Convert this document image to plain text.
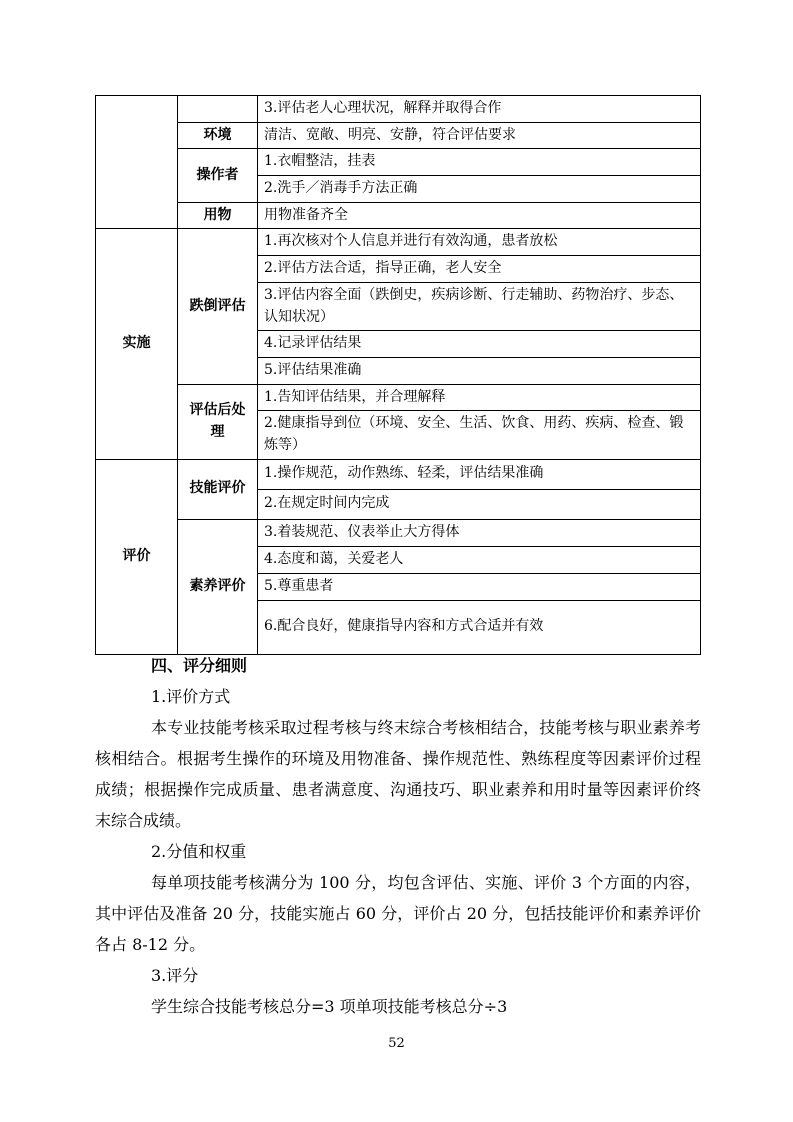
		3.评估老人心理状况，解释并取得合作
	环境	清洁、宽敞、明亮、安静，符合评估要求
	操作者	1.衣帽整洁，挂表
		2.洗手／消毒手方法正确
	用物	用物准备齐全
实施	跌倒评估	1.再次核对个人信息并进行有效沟通，患者放松
		2.评估方法合适，指导正确，老人安全
		3.评估内容全面（跌倒史，疾病诊断、行走辅助、药物治疗、步态、认知状况）
		4.记录评估结果
		5.评估结果准确
	评估后处理	1.告知评估结果，并合理解释
		2.健康指导到位（环境、安全、生活、饮食、用药、疾病、检查、锻炼等）
评价	技能评价	1.操作规范，动作熟练、轻柔，评估结果准确
		2.在规定时间内完成
	素养评价	3.着装规范、仪表举止大方得体
		4.态度和蔼，关爱老人
		5.尊重患者
		6.配合良好，健康指导内容和方式合适并有效

四、评分细则

1.评价方式

本专业技能考核采取过程考核与终末综合考核相结合，技能考核与职业素养考核相结合。根据考生操作的环境及用物准备、操作规范性、熟练程度等因素评价过程成绩；根据操作完成质量、患者满意度、沟通技巧、职业素养和用时量等因素评价终末综合成绩。

2.分值和权重

每单项技能考核满分为 100 分，均包含评估、实施、评价 3 个方面的内容，其中评估及准备 20 分，技能实施占 60 分，评价占 20 分，包括技能评价和素养评价各占 8-12 分。

3.评分

学生综合技能考核总分=3 项单项技能考核总分÷3

52
